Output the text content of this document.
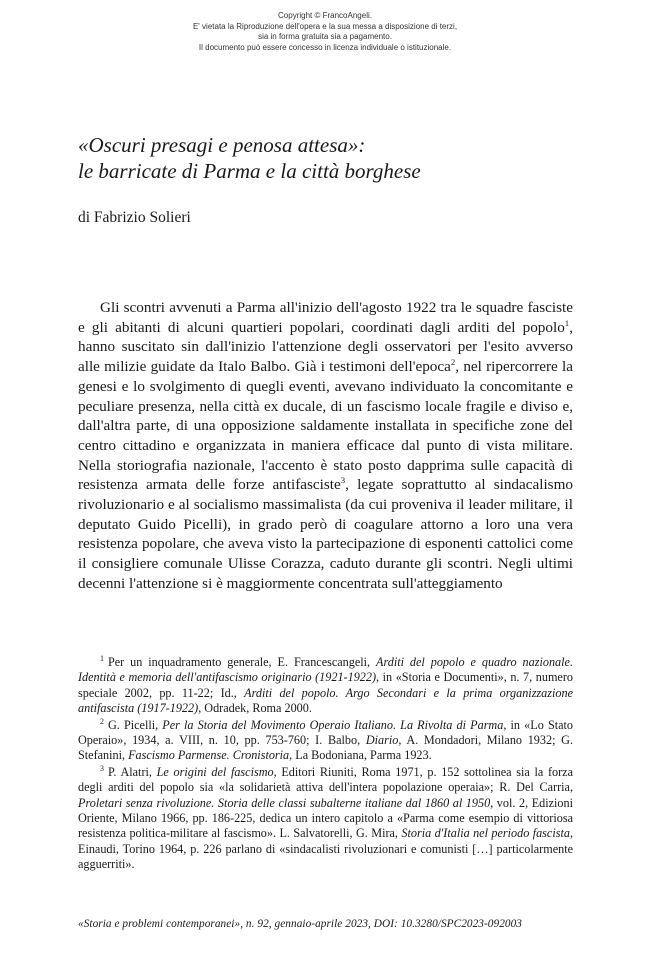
Copyright © FrancoAngeli.
E' vietata la Riproduzione dell'opera e la sua messa a disposizione di terzi,
sia in forma gratuita sia a pagamento.
Il documento può essere concesso in licenza individuale o istituzionale.
«Oscuri presagi e penosa attesa»:
le barricate di Parma e la città borghese
di Fabrizio Solieri
Gli scontri avvenuti a Parma all'inizio dell'agosto 1922 tra le squadre fasciste e gli abitanti di alcuni quartieri popolari, coordinati dagli arditi del popolo$^1$, hanno suscitato sin dall'inizio l'attenzione degli osservatori per l'esito avverso alle milizie guidate da Italo Balbo. Già i testimoni dell'epoca$^2$, nel ripercorrere la genesi e lo svolgimento di quegli eventi, avevano individuato la concomitante e peculiare presenza, nella città ex ducale, di un fascismo locale fragile e diviso e, dall'altra parte, di una opposizione saldamente installata in specifiche zone del centro cittadino e organizzata in maniera efficace dal punto di vista militare. Nella storiografia nazionale, l'accento è stato posto dapprima sulle capacità di resistenza armata delle forze antifasciste$^3$, legate soprattutto al sindacalismo rivoluzionario e al socialismo massimalista (da cui proveniva il leader militare, il deputato Guido Picelli), in grado però di coagulare attorno a loro una vera resistenza popolare, che aveva visto la partecipazione di esponenti cattolici come il consigliere comunale Ulisse Corazza, caduto durante gli scontri. Negli ultimi decenni l'attenzione si è maggiormente concentrata sull'atteggiamento
$^1$ Per un inquadramento generale, E. Francescangeli, Arditi del popolo e quadro nazionale. Identità e memoria dell'antifascismo originario (1921-1922), in «Storia e Documenti», n. 7, numero speciale 2002, pp. 11-22; Id., Arditi del popolo. Argo Secondari e la prima organizzazione antifascista (1917-1922), Odradek, Roma 2000.
$^2$ G. Picelli, Per la Storia del Movimento Operaio Italiano. La Rivolta di Parma, in «Lo Stato Operaio», 1934, a. VIII, n. 10, pp. 753-760; I. Balbo, Diario, A. Mondadori, Milano 1932; G. Stefanini, Fascismo Parmense. Cronistoria, La Bodoniana, Parma 1923.
$^3$ P. Alatri, Le origini del fascismo, Editori Riuniti, Roma 1971, p. 152 sottolinea sia la forza degli arditi del popolo sia «la solidarietà attiva dell'intera popolazione operaia»; R. Del Carria, Proletari senza rivoluzione. Storia delle classi subalterne italiane dal 1860 al 1950, vol. 2, Edizioni Oriente, Milano 1966, pp. 186-225, dedica un intero capitolo a «Parma come esempio di vittoriosa resistenza politica-militare al fascismo». L. Salvatorelli, G. Mira, Storia d'Italia nel periodo fascista, Einaudi, Torino 1964, p. 226 parlano di «sindacalisti rivoluzionari e comunisti […] particolarmente agguerriti».
«Storia e problemi contemporanei», n. 92, gennaio-aprile 2023, DOI: 10.3280/SPC2023-092003
